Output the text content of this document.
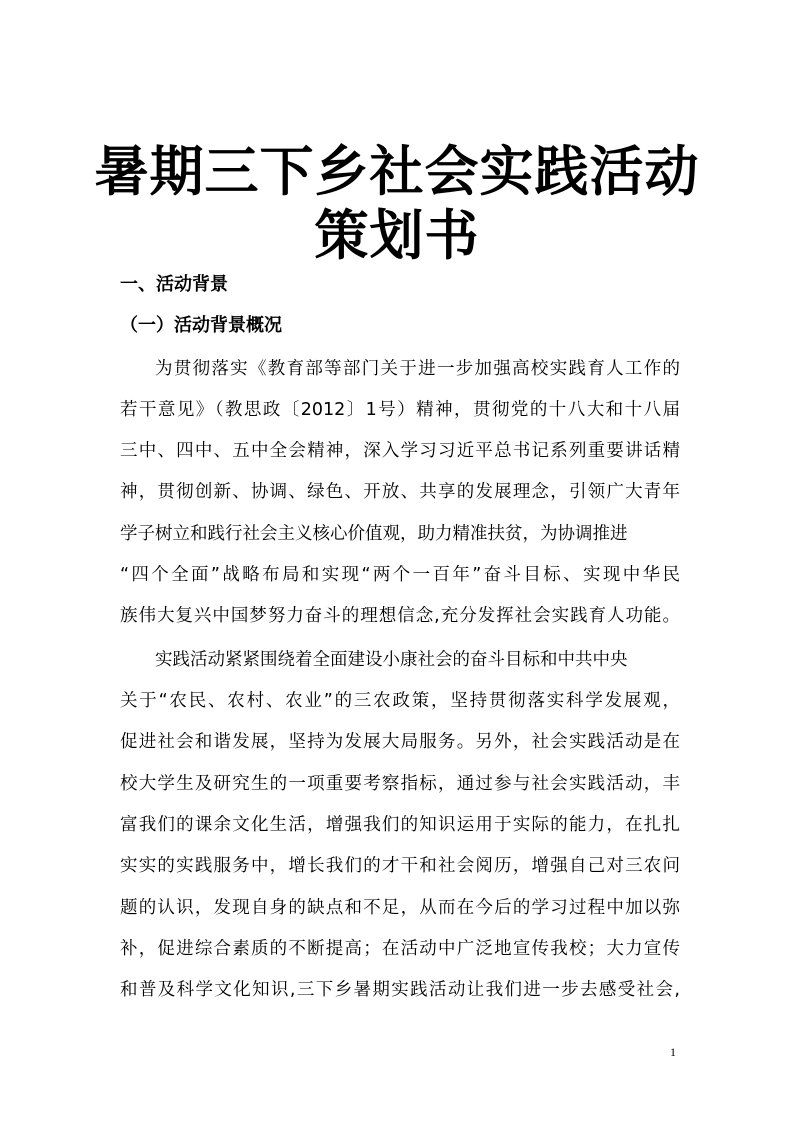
暑期三下乡社会实践活动
策划书
一、活动背景
（一）活动背景概况

为贯彻落实《教育部等部门关于进一步加强高校实践育人工作的

若干意见》（教思政〔2012〕1号）精神，贯彻党的十八大和十八届

三中、四中、五中全会精神，深入学习习近平总书记系列重要讲话精

神，贯彻创新、协调、绿色、开放、共享的发展理念，引领广大青年

学子树立和践行社会主义核心价值观，助力精准扶贫，为协调推进

“四个全面”战略布局和实现“两个一百年”奋斗目标、实现中华民

族伟大复兴中国梦努力奋斗的理想信念,充分发挥社会实践育人功能。

实践活动紧紧围绕着全面建设小康社会的奋斗目标和中共中央

关于“农民、农村、农业”的三农政策，坚持贯彻落实科学发展观，

促进社会和谐发展，坚持为发展大局服务。另外，社会实践活动是在

校大学生及研究生的一项重要考察指标，通过参与社会实践活动，丰

富我们的课余文化生活，增强我们的知识运用于实际的能力，在扎扎

实实的实践服务中，增长我们的才干和社会阅历，增强自己对三农问

题的认识，发现自身的缺点和不足，从而在今后的学习过程中加以弥

补，促进综合素质的不断提高；在活动中广泛地宣传我校；大力宣传

和普及科学文化知识,三下乡暑期实践活动让我们进一步去感受社会,

1
